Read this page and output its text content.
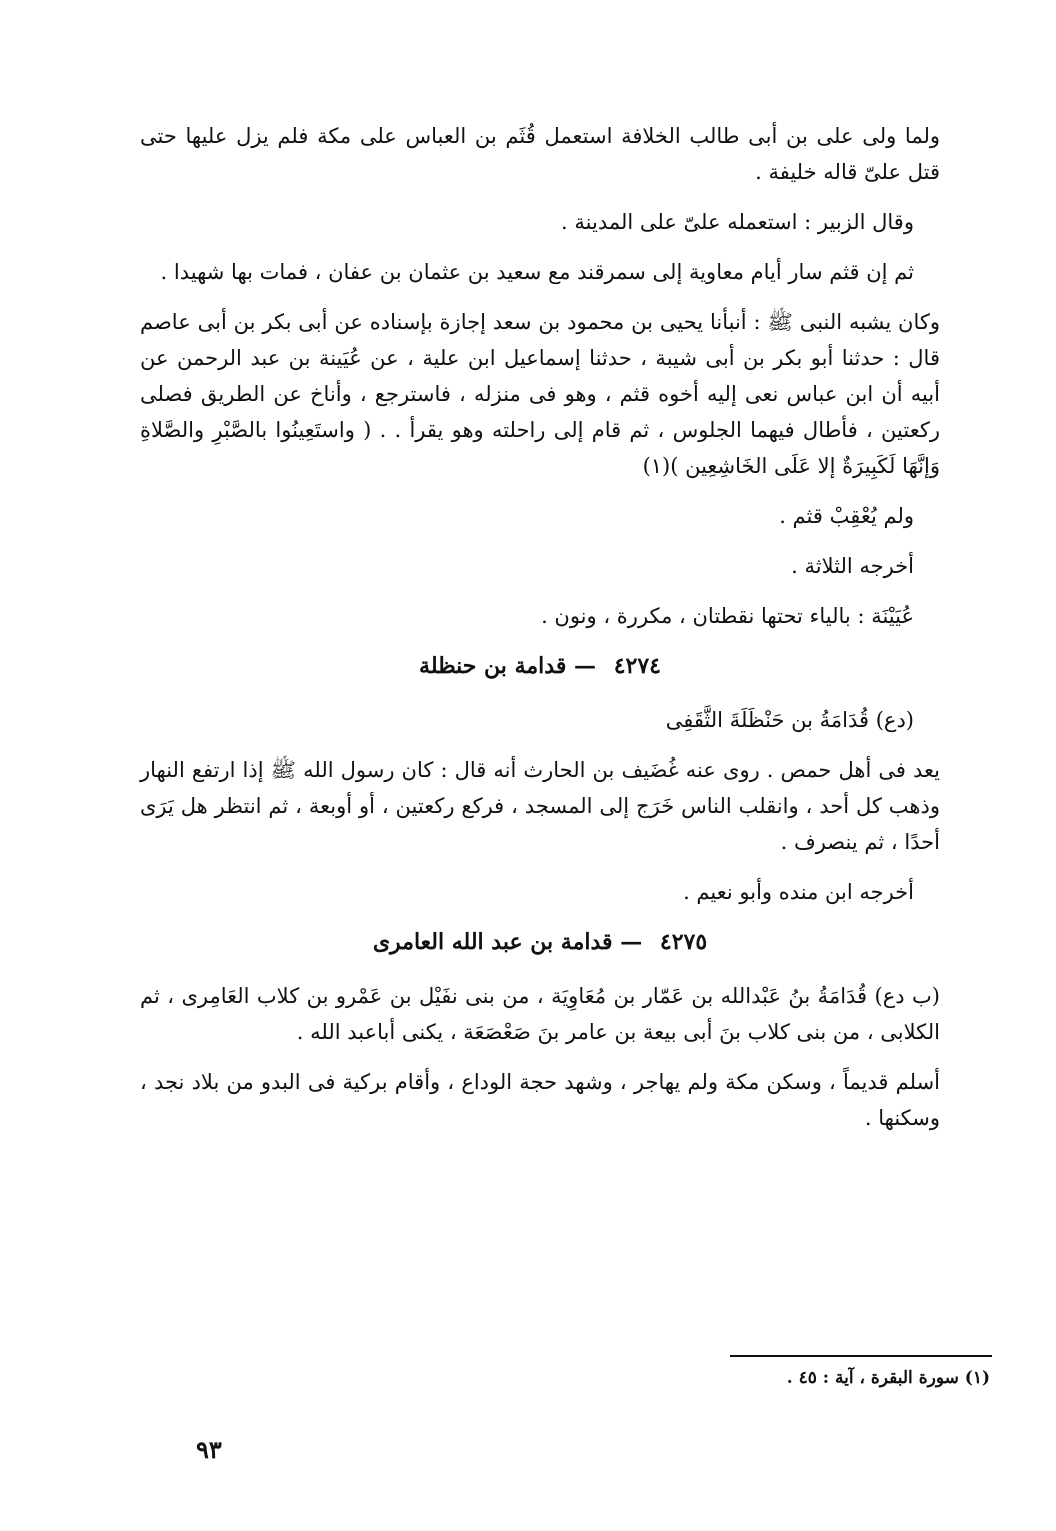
ولما ولى على بن أبى طالب الخلافة استعمل قُثَم بن العباس على مكة فلم يزل عليها حتى قتل علىّ قاله خليفة .

وقال الزبير : استعمله علىّ على المدينة .

ثم إن قثم سار أيام معاوية إلى سمرقند مع سعيد بن عثمان بن عفان ، فمات بها شهيدا .

وكان يشبه النبى ﷺ : أنبأنا يحيى بن محمود بن سعد إجازة بإسناده عن أبى بكر بن أبى عاصم قال : حدثنا أبو بكر بن أبى شيبة ، حدثنا إسماعيل ابن علية ، عن عُيَينة بن عبد الرحمن عن أبيه أن ابن عباس نعى إليه أخوه قثم ، وهو فى منزله ، فاسترجع ، وأناخ عن الطريق فصلى ركعتين ، فأطال فيهما الجلوس ، ثم قام إلى راحلته وهو يقرأ . . ( واستَعِينُوا بالصَّبْرِ والصَّلاةِ وَإنَّهَا لَكَبِيرَةٌ إلا عَلَى الخَاشِعِين )(١)

ولم يُعْقِبْ قثم .

أخرجه الثلاثة .

عُيَيْنَة : بالياء تحتها نقطتان ، مكررة ، ونون .

٤٢٧٤ — قدامة بن حنظلة

(دع) قُدَامَةُ بن حَنْظَلَةَ الثَّقَفِى

يعد فى أهل حمص . روى عنه غُضَيف بن الحارث أنه قال : كان رسول الله ﷺ إذا ارتفع النهار وذهب كل أحد ، وانقلب الناس خَرَج إلى المسجد ، فركع ركعتين ، أو أوبعة ، ثم انتظر هل يَرَى أحدًا ، ثم ينصرف .

أخرجه ابن منده وأبو نعيم .

٤٢٧٥ — قدامة بن عبد الله العامرى

(ب دع) قُدَامَةُ بنُ عَبْدالله بن عَمّار بن مُعَاوِيَة ، من بنى نفَيْل بن عَمْرو بن كلاب العَامِرى ، ثم الكلابى ، من بنى كلاب بنَ أبى بيعة بن عامر بنَ صَعْصَعَة ، يكنى أباعبد الله .

أسلم قديماً ، وسكن مكة ولم يهاجر ، وشهد حجة الوداع ، وأقام بركية فى البدو من بلاد نجد ، وسكنها .

(١) سورة البقرة ، آية : ٤٥ .
٩٣
